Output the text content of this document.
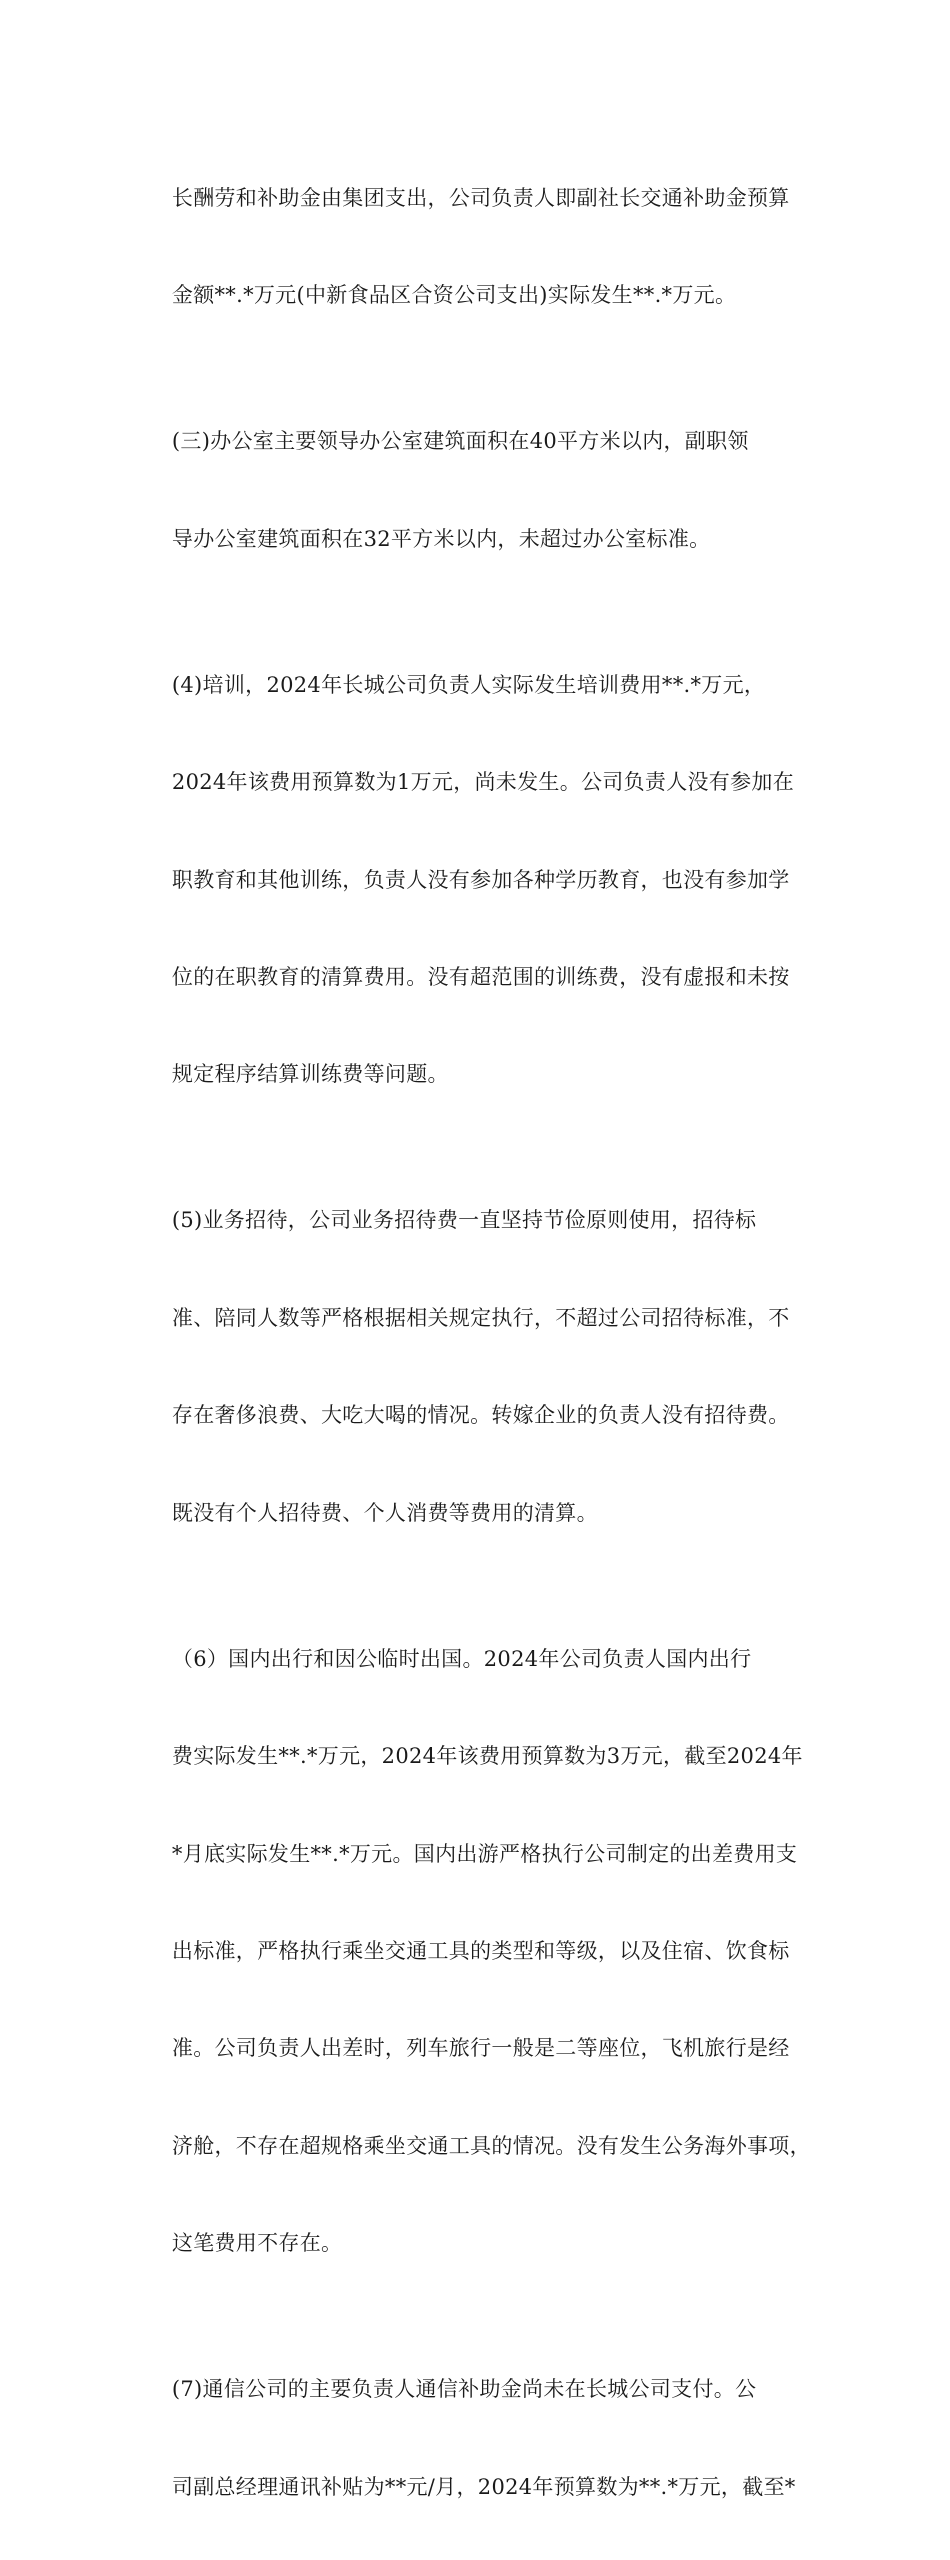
长酬劳和补助金由集团支出，公司负责人即副社长交通补助金预算

金额**.*万元(中新食品区合资公司支出)实际发生**.*万元。

(三)办公室主要领导办公室建筑面积在40平方米以内，副职领

导办公室建筑面积在32平方米以内，未超过办公室标准。

(4)培训，2024年长城公司负责人实际发生培训费用**.*万元，

2024年该费用预算数为1万元，尚未发生。公司负责人没有参加在

职教育和其他训练，负责人没有参加各种学历教育，也没有参加学

位的在职教育的清算费用。没有超范围的训练费，没有虚报和未按

规定程序结算训练费等问题。

(5)业务招待，公司业务招待费一直坚持节俭原则使用，招待标

准、陪同人数等严格根据相关规定执行，不超过公司招待标准，不

存在奢侈浪费、大吃大喝的情况。转嫁企业的负责人没有招待费。

既没有个人招待费、个人消费等费用的清算。

（6）国内出行和因公临时出国。2024年公司负责人国内出行

费实际发生**.*万元，2024年该费用预算数为3万元，截至2024年

*月底实际发生**.*万元。国内出游严格执行公司制定的出差费用支

出标准，严格执行乘坐交通工具的类型和等级，以及住宿、饮食标

准。公司负责人出差时，列车旅行一般是二等座位，飞机旅行是经

济舱，不存在超规格乘坐交通工具的情况。没有发生公务海外事项，

这笔费用不存在。

(7)通信公司的主要负责人通信补助金尚未在长城公司支付。公

司副总经理通讯补贴为**元/月，2024年预算数为**.*万元，截至*
